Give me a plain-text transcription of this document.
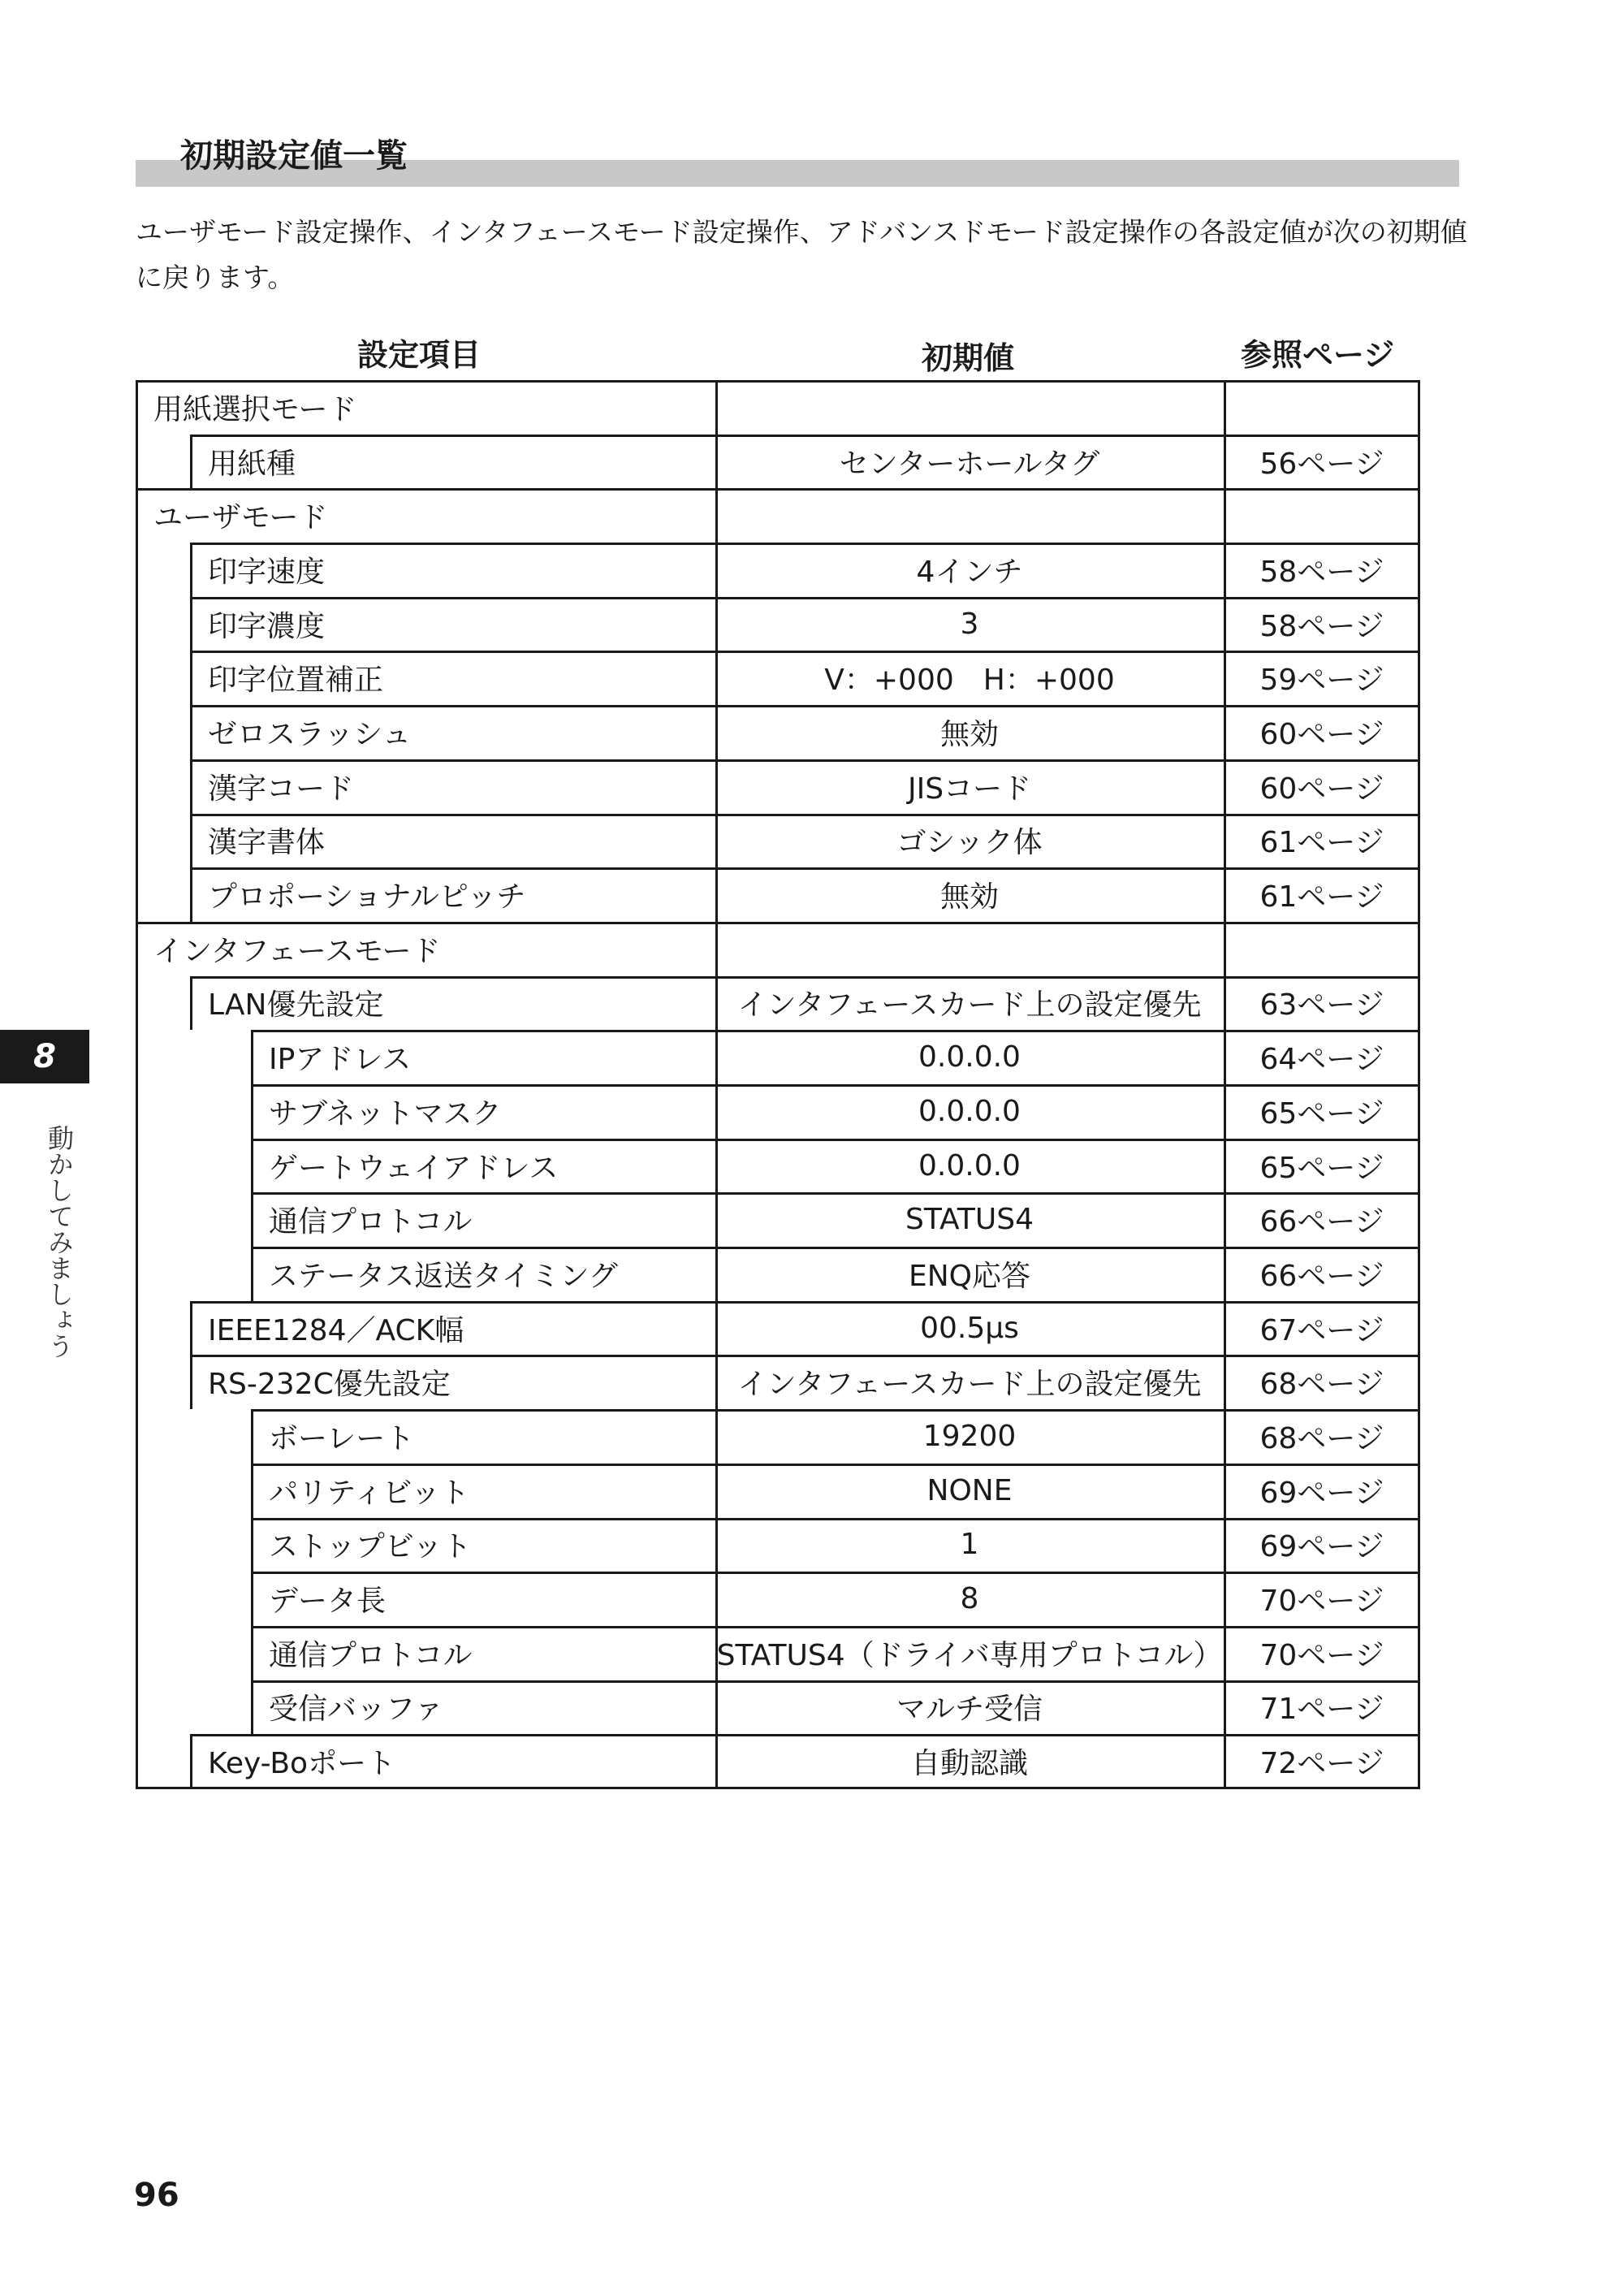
初期設定値一覧

ユーザモード設定操作、インタフェースモード設定操作、アドバンスドモード設定操作の各設定値が次の初期値に戻ります。

設定項目	初期値	参照ページ
用紙選択モード
用紙種	センターホールタグ	56ページ
ユーザモード
印字速度	4インチ	58ページ
印字濃度	3	58ページ
印字位置補正	V：+000　H：+000	59ページ
ゼロスラッシュ	無効	60ページ
漢字コード	JISコード	60ページ
漢字書体	ゴシック体	61ページ
プロポーショナルピッチ	無効	61ページ
インタフェースモード
LAN優先設定	インタフェースカード上の設定優先	63ページ
IPアドレス	0.0.0.0	64ページ
サブネットマスク	0.0.0.0	65ページ
ゲートウェイアドレス	0.0.0.0	65ページ
通信プロトコル	STATUS4	66ページ
ステータス返送タイミング	ENQ応答	66ページ
IEEE1284／ACK幅	00.5μs	67ページ
RS-232C優先設定	インタフェースカード上の設定優先	68ページ
ボーレート	19200	68ページ
パリティビット	NONE	69ページ
ストップビット	1	69ページ
データ長	8	70ページ
通信プロトコル	STATUS4（ドライバ専用プロトコル）	70ページ
受信バッファ	マルチ受信	71ページ
Key-Boポート	自動認識	72ページ
8
動かしてみましょう
96
